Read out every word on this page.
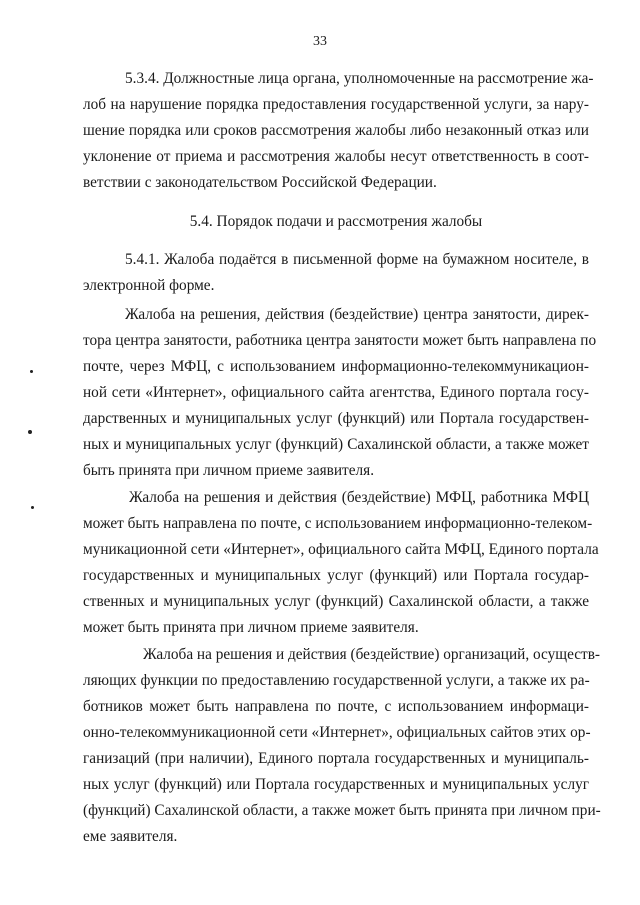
33
5.3.4. Должностные лица органа, уполномоченные на рассмотрение жа-
лоб на нарушение порядка предоставления государственной услуги, за нару-
шение порядка или сроков рассмотрения жалобы либо незаконный отказ или
уклонение от приема и рассмотрения жалобы несут ответственность в соот-
ветствии с законодательством Российской Федерации.
5.4. Порядок подачи и рассмотрения жалобы
5.4.1. Жалоба подаётся в письменной форме на бумажном носителе, в
электронной форме.
Жалоба на решения, действия (бездействие) центра занятости, дирек-
тора центра занятости, работника центра занятости может быть направлена по
почте, через МФЦ, с использованием информационно-телекоммуникацион-
ной сети «Интернет», официального сайта агентства, Единого портала госу-
дарственных и муниципальных услуг (функций) или Портала государствен-
ных и муниципальных услуг (функций) Сахалинской области, а также может
быть принята при личном приеме заявителя.
Жалоба на решения и действия (бездействие) МФЦ, работника МФЦ
может быть направлена по почте, с использованием информационно-телеком-
муникационной сети «Интернет», официального сайта МФЦ, Единого портала
государственных и муниципальных услуг (функций) или Портала государ-
ственных и муниципальных услуг (функций) Сахалинской области, а также
может быть принята при личном приеме заявителя.
Жалоба на решения и действия (бездействие) организаций, осуществ-
ляющих функции по предоставлению государственной услуги, а также их ра-
ботников может быть направлена по почте, с использованием информаци-
онно-телекоммуникационной сети «Интернет», официальных сайтов этих ор-
ганизаций (при наличии), Единого портала государственных и муниципаль-
ных услуг (функций) или Портала государственных и муниципальных услуг
(функций) Сахалинской области, а также может быть принята при личном при-
еме заявителя.
